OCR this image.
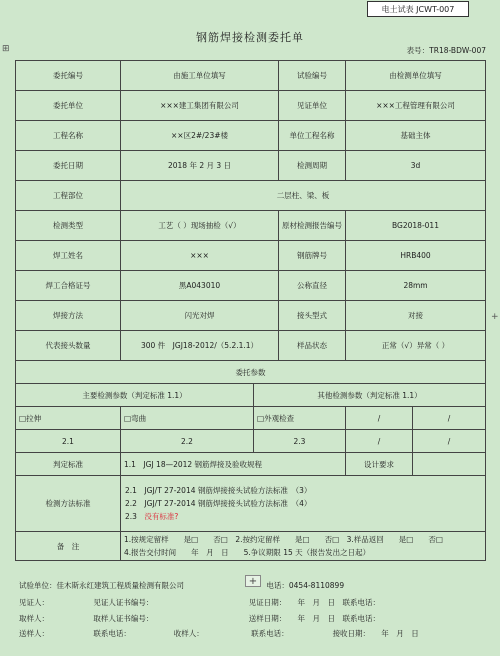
电土试表 JCWT-007
⊞
钢筋焊接检测委托单
表号：TR18-BDW-007
+
委托编号	由施工单位填写		试验编号	由检测单位填写	
委托单位	×××建工集团有限公司		见证单位	×××工程管理有限公司	
工程名称	××区2#/23#楼		单位工程名称	基础主体	
委托日期	2018 年 2 月 3 日		检测周期	3d	
工程部位	二层柱、梁、板				
检测类型	工艺（ ）现场抽检（√）		原材检测报告编号	BG2018-011	
焊工姓名	×××		钢筋牌号	HRB400	
焊工合格证号	黑A043010		公称直径	28mm	
焊接方法	闪光对焊		接头型式	对接	
代表接头数量	300 件　JGJ18-2012/（5.2.1.1）		样品状态	正常（√）异常（ ）	
委托参数					
主要检测参数（判定标准 1.1）		其他检测参数（判定标准 1.1）			
□拉伸	□弯曲	□外观检查		/	/
2.1	2.2	2.3		/	/
判定标准	1.1　JGJ 18—2012 钢筋焊接及验收规程			设计要求	
检测方法标准	2.1　JGJ/T 27-2014 钢筋焊接接头试验方法标准　（3）
2.2　JGJ/T 27-2014 钢筋焊接接头试验方法标准　（4）
2.3　 没有标准?				

备　注	1.按规定留样　　是□　　否□　2.按约定留样　　是□　　否□　3.样品返回　　是□　　否□
4.报告交付时间　　年　月　日　　5.争议期限 15 天（报告发出之日起）				
+
试验单位：佳木斯永红建筑工程质量检测有限公司	电话：0454-8110899
见证人：	见证人证书编号：	见证日期：　　年　月　日　联系电话：
取样人：	取样人证书编号：	送样日期：　　年　月　日　联系电话：
送样人：	联系电话：	收样人：	联系电话：	接收日期：　　年　月　日
